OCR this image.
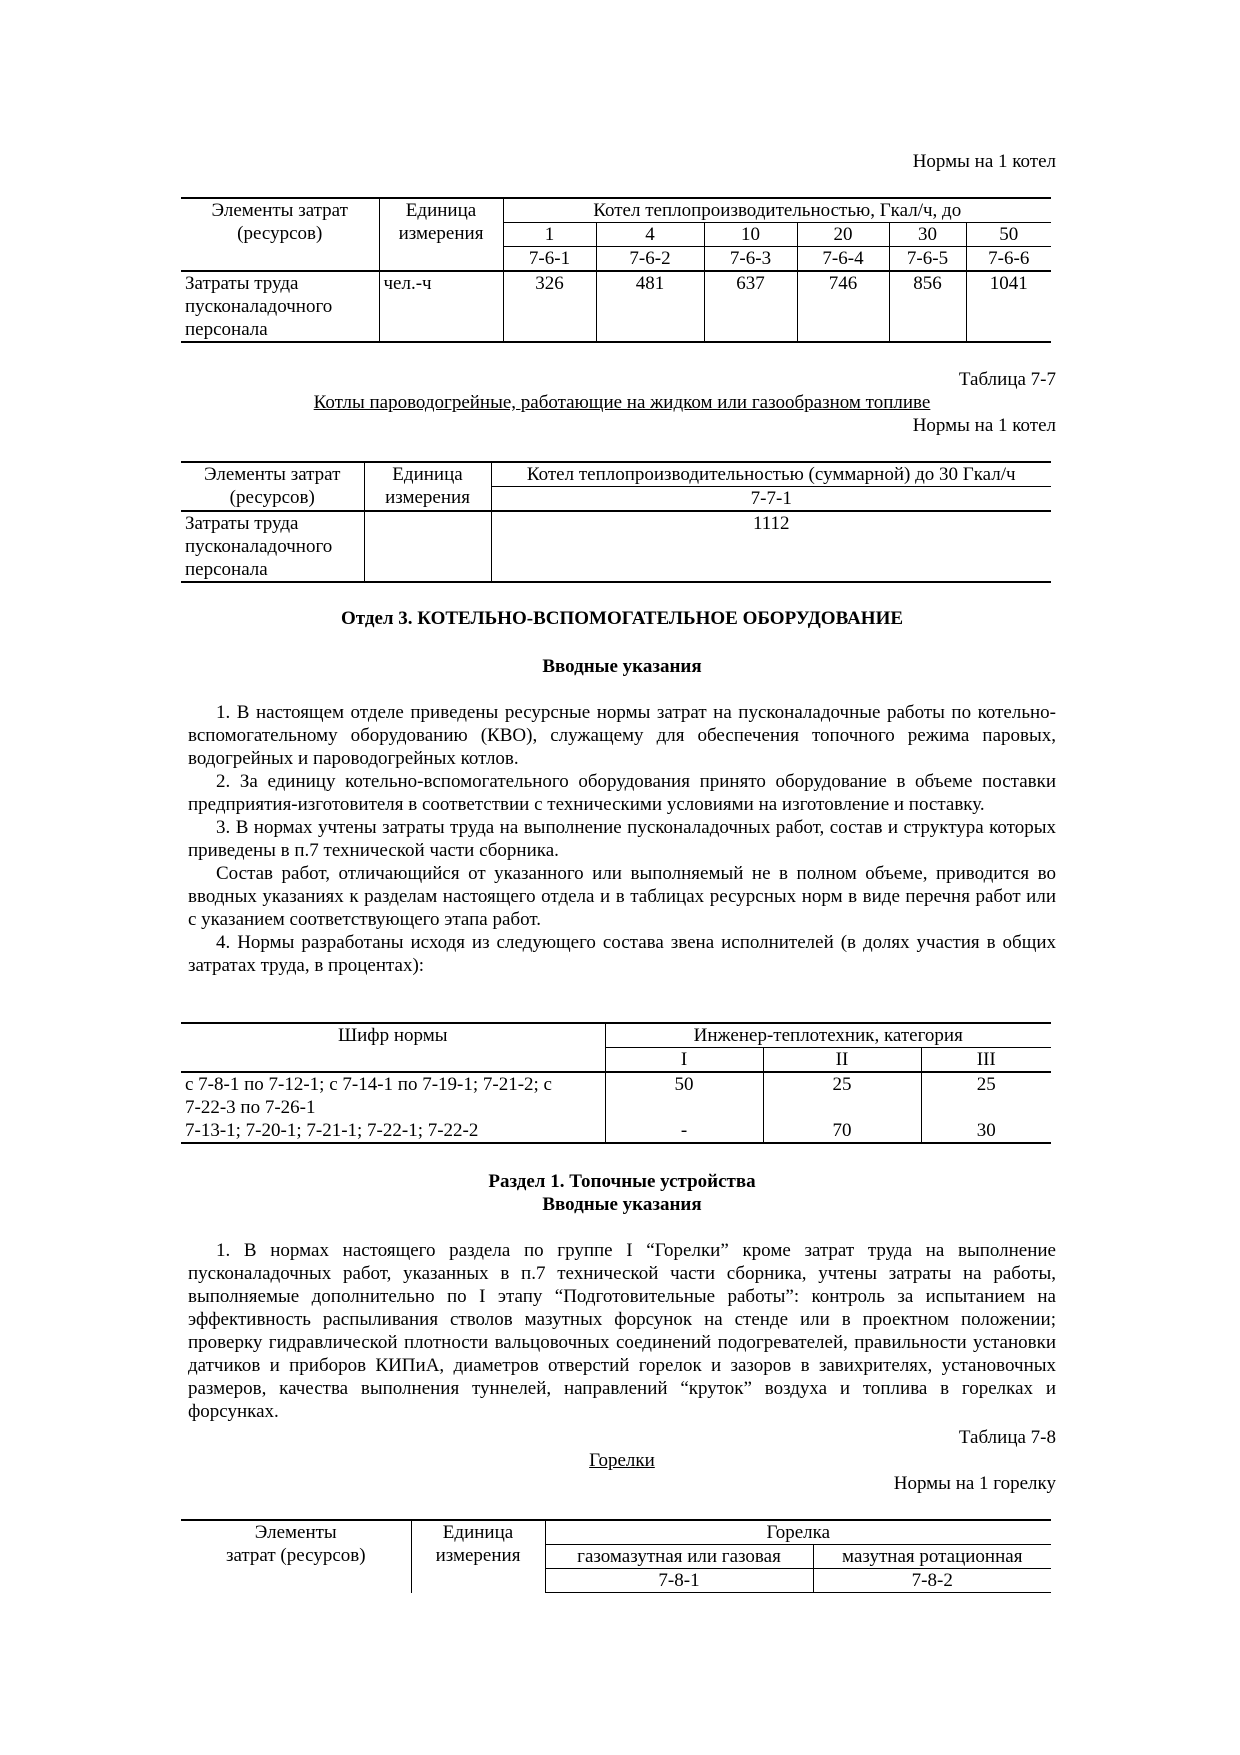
Нормы на 1 котел
Элементы затрат
(ресурсов)	Единица
измерения	Котел теплопроизводительностью, Гкал/ч, до					
		1	4	10	20	30	50
		7-6-1	7-6-2	7-6-3	7-6-4	7-6-5	7-6-6
Затраты труда
пусконаладочного
персонала	чел.-ч	326	481	637	746	856	1041
Таблица 7-7
Котлы пароводогрейные, работающие на жидком или газообразном топливе
Нормы на 1 котел
Элементы затрат
(ресурсов)	Единица
измерения	Котел теплопроизводительностью (суммарной) до 30 Гкал/ч
		7-7-1
Затраты труда
пусконаладочного
персонала		1112
Отдел 3. КОТЕЛЬНО-ВСПОМОГАТЕЛЬНОЕ ОБОРУДОВАНИЕ
Вводные указания

1. В настоящем отделе приведены ресурсные нормы затрат на пусконаладочные работы по котельно-вспомогательному оборудованию (КВО), служащему для обеспечения топочного режима паровых, водогрейных и пароводогрейных котлов.

2. За единицу котельно-вспомогательного оборудования принято оборудование в объеме поставки предприятия-изготовителя в соответствии с техническими условиями на изготовление и поставку.

3. В нормах учтены затраты труда на выполнение пусконаладочных работ, состав и структура которых приведены в п.7 технической части сборника.

Состав работ, отличающийся от указанного или выполняемый не в полном объеме, приводится во вводных указаниях к разделам настоящего отдела и в таблицах ресурсных норм в виде перечня работ или с указанием соответствующего этапа работ.

4. Нормы разработаны исходя из следующего состава звена исполнителей (в долях участия в общих затратах труда, в процентах):

Шифр нормы	Инженер-теплотехник, категория		
	I	II	III
с 7-8-1 по 7-12-1; с 7-14-1 по 7-19-1; 7-21-2; с
7-22-3 по 7-26-1	50	25	25
7-13-1; 7-20-1; 7-21-1; 7-22-1; 7-22-2	-	70	30
Раздел 1. Топочные устройства
Вводные указания

1. В нормах настоящего раздела по группе I “Горелки” кроме затрат труда на выполнение пусконаладочных работ, указанных в п.7 технической части сборника, учтены затраты на работы, выполняемые дополнительно по I этапу “Подготовительные работы”: контроль за испытанием на эффективность распыливания стволов мазутных форсунок на стенде или в проектном положении; проверку гидравлической плотности вальцовочных соединений подогревателей, правильности установки датчиков и приборов КИПиА, диаметров отверстий горелок и зазоров в завихрителях, установочных размеров, качества выполнения туннелей, направлений “круток” воздуха и топлива в горелках и форсунках.

Таблица 7-8
Горелки
Нормы на 1 горелку
Элементы
затрат (ресурсов)	Единица
измерения	Горелка	
		газомазутная или газовая	мазутная ротационная
		7-8-1	7-8-2
